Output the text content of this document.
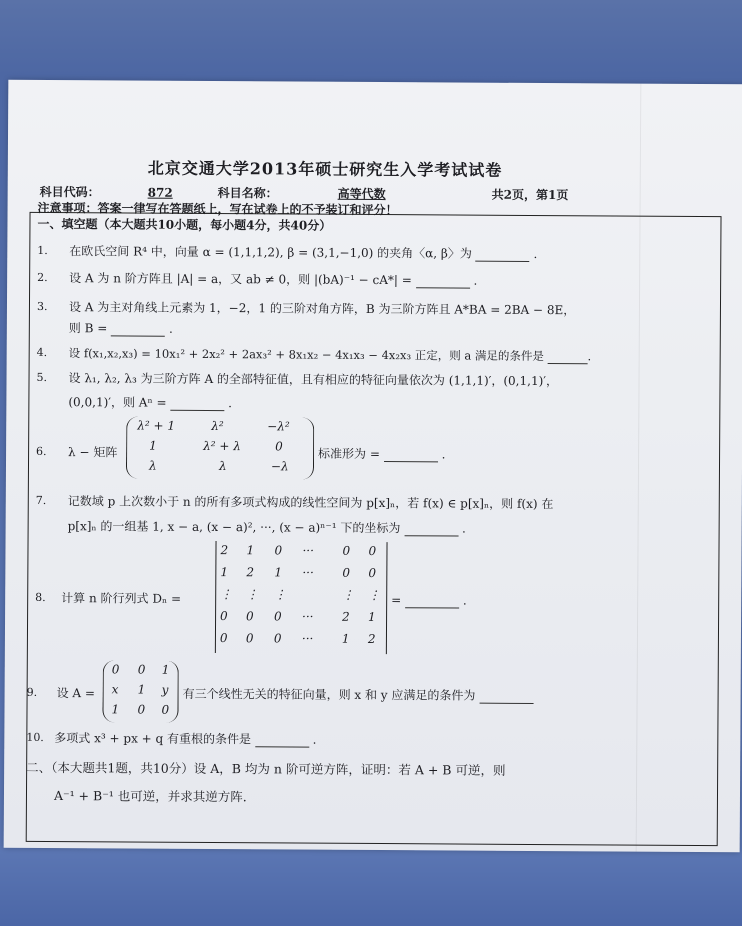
北京交通大学2013年硕士研究生入学考试试卷
科目代码：	872	科目名称：	高等代数	共2页，第1页
注意事项：答案一律写在答题纸上，写在试卷上的不予装订和评分！
一、填空题（本大题共10小题，每小题4分，共40分）
1. 在欧氏空间 R⁴ 中，向量 α = (1,1,1,2), β = (3,1,−1,0) 的夹角〈α, β〉为	.
2. 设 A 为 n 阶方阵且 |A| = a，又 ab ≠ 0，则 |(bA)⁻¹ − cA*| =	.
3. 设 A 为主对角线上元素为 1，−2，1 的三阶对角方阵，B 为三阶方阵且 A*BA = 2BA − 8E，
则 B =	.
4. 设 f(x₁,x₂,x₃) = 10x₁² + 2x₂² + 2ax₃² + 8x₁x₂ − 4x₁x₃ − 4x₂x₃ 正定，则 a 满足的条件是	.
5. 设 λ₁, λ₂, λ₃ 为三阶方阵 A 的全部特征值，且有相应的特征向量依次为 (1,1,1)′，(0,1,1)′，
(0,0,1)′，则 Aⁿ =	.
6. λ − 矩阵
λ² + 1	λ²	−λ²
1	λ² + λ	0
λ	λ	−λ
标准形为 =	.
7. 记数域 p 上次数小于 n 的所有多项式构成的线性空间为 p[x]ₙ，若 f(x) ∈ p[x]ₙ，则 f(x) 在
p[x]ₙ 的一组基 1, x − a, (x − a)², ···, (x − a)ⁿ⁻¹ 下的坐标为	.
8. 计算 n 阶行列式 Dₙ =
2 1 0 ··· 0 0
1 2 1 ··· 0 0
⋮ ⋮ ⋮	⋮ ⋮
0 0 0 ··· 2 1
0 0 0 ··· 1 2
=	.
9. 设 A =
0 0 1
x 1 y
1 0 0
有三个线性无关的特征向量，则 x 和 y 应满足的条件为
10. 多项式 x³ + px + q 有重根的条件是	.
二、（本大题共1题，共10分）设 A，B 均为 n 阶可逆方阵，证明：若 A + B 可逆，则
A⁻¹ + B⁻¹ 也可逆，并求其逆方阵.
